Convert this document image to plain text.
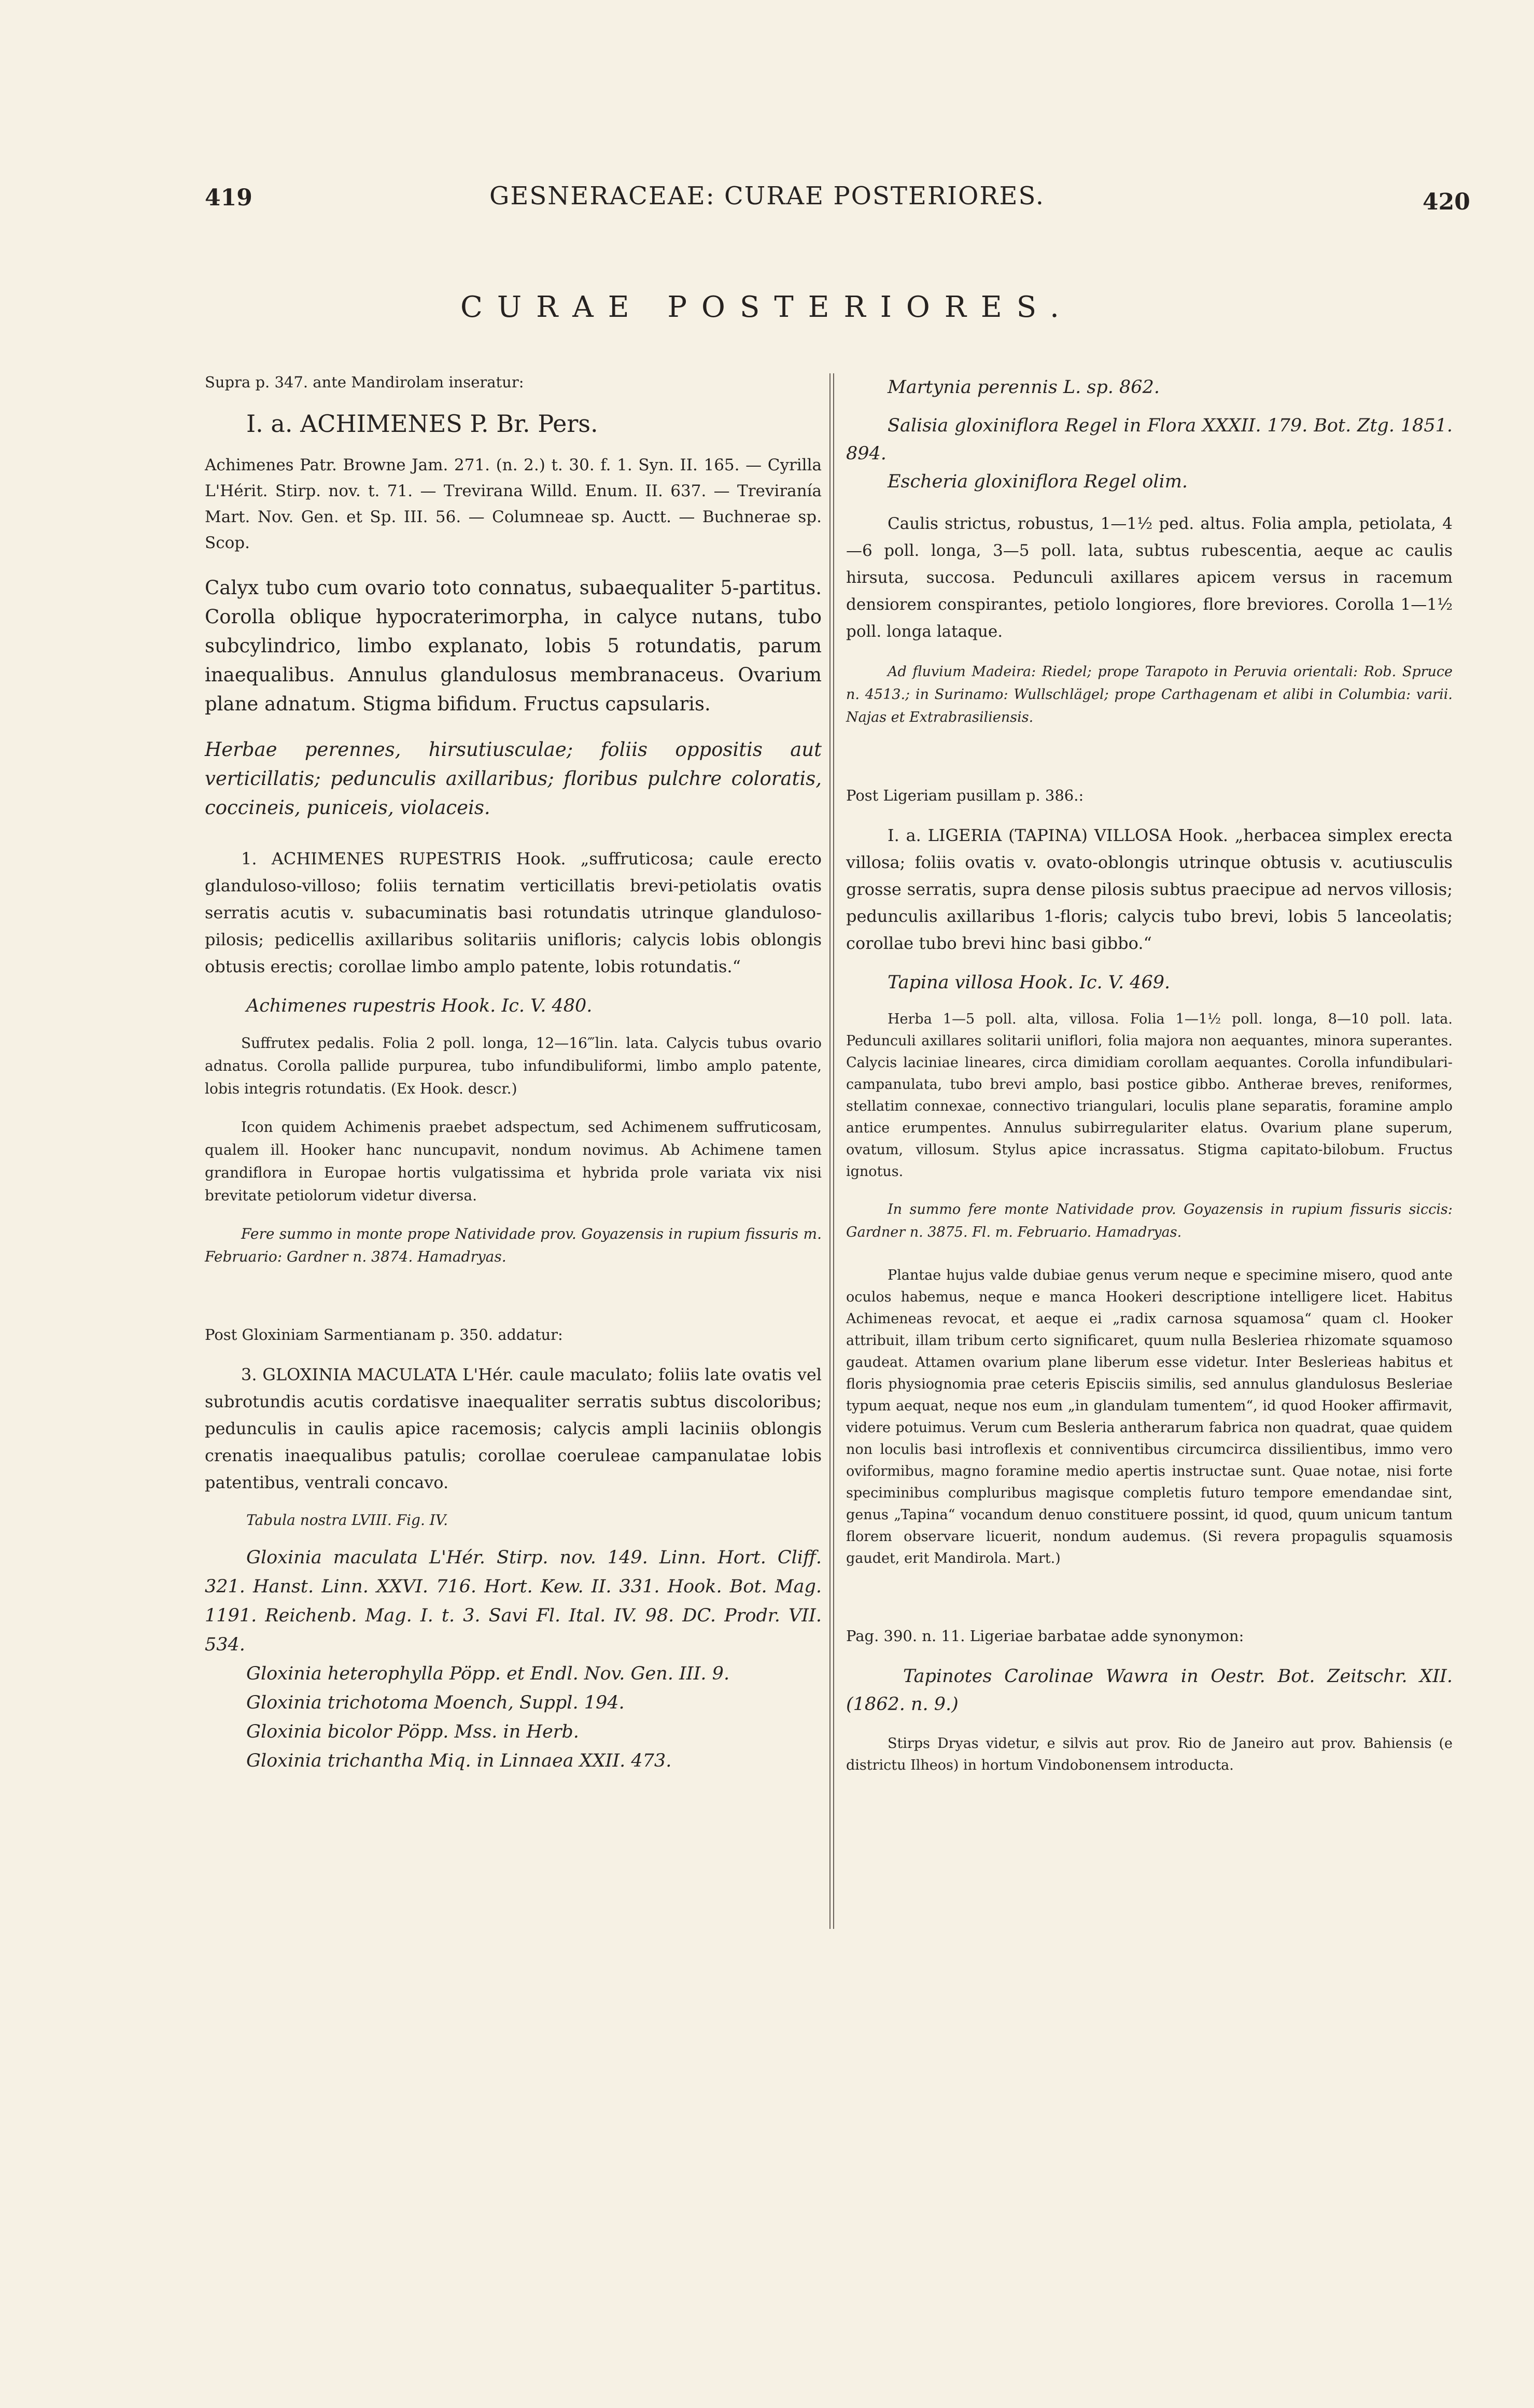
419	GESNERACEAE: CURAE POSTERIORES.	420
CURAE POSTERIORES.

Supra p. 347. ante Mandirolam inseratur:

I. a. ACHIMENES P. Br. Pers.

Achimenes Patr. Browne Jam. 271. (n. 2.) t. 30. f. 1. Syn. II. 165. — Cyrilla L'Hérit. Stirp. nov. t. 71. — Trevirana Willd. Enum. II. 637. — Treviranía Mart. Nov. Gen. et Sp. III. 56. — Columneae sp. Auctt. — Buchnerae sp. Scop.

Calyx tubo cum ovario toto connatus, subaequaliter 5-partitus. Corolla oblique hypocraterimorpha, in calyce nutans, tubo subcylindrico, limbo explanato, lobis 5 rotundatis, parum inaequalibus. Annulus glandulosus membranaceus. Ovarium plane adnatum. Stigma bifidum. Fructus capsularis.

Herbae perennes, hirsutiusculae; foliis oppositis aut verticillatis; pedunculis axillaribus; floribus pulchre coloratis, coccineis, puniceis, violaceis.

1. ACHIMENES RUPESTRIS Hook. „suffruticosa; caule erecto glanduloso-villoso; foliis ternatim verticillatis brevi-petiolatis ovatis serratis acutis v. subacuminatis basi rotundatis utrinque glanduloso-pilosis; pedicellis axillaribus solitariis unifloris; calycis lobis oblongis obtusis erectis; corollae limbo amplo patente, lobis rotundatis.“

Achimenes rupestris Hook. Ic. V. 480.

Suffrutex pedalis. Folia 2 poll. longa, 12—16‴lin. lata. Calycis tubus ovario adnatus. Corolla pallide purpurea, tubo infundibuliformi, limbo amplo patente, lobis integris rotundatis. (Ex Hook. descr.)

Icon quidem Achimenis praebet adspectum, sed Achimenem suffruticosam, qualem ill. Hooker hanc nuncupavit, nondum novimus. Ab Achimene tamen grandiflora in Europae hortis vulgatissima et hybrida prole variata vix nisi brevitate petiolorum videtur diversa.

Fere summo in monte prope Natividade prov. Goyazensis in rupium fissuris m. Februario: Gardner n. 3874. Hamadryas.

Post Gloxiniam Sarmentianam p. 350. addatur:

3. GLOXINIA MACULATA L'Hér. caule maculato; foliis late ovatis vel subrotundis acutis cordatisve inaequaliter serratis subtus discoloribus; pedunculis in caulis apice racemosis; calycis ampli laciniis oblongis crenatis inaequalibus patulis; corollae coeruleae campanulatae lobis patentibus, ventrali concavo.

Tabula nostra LVIII. Fig. IV.

Gloxinia maculata L'Hér. Stirp. nov. 149. Linn. Hort. Cliff. 321. Hanst. Linn. XXVI. 716. Hort. Kew. II. 331. Hook. Bot. Mag. 1191. Reichenb. Mag. I. t. 3. Savi Fl. Ital. IV. 98. DC. Prodr. VII. 534.

Gloxinia heterophylla Pöpp. et Endl. Nov. Gen. III. 9.

Gloxinia trichotoma Moench, Suppl. 194.

Gloxinia bicolor Pöpp. Mss. in Herb.

Gloxinia trichantha Miq. in Linnaea XXII. 473.

Martynia perennis L. sp. 862.

Salisia gloxiniflora Regel in Flora XXXII. 179. Bot. Ztg. 1851. 894.

Escheria gloxiniflora Regel olim.

Caulis strictus, robustus, 1—1½ ped. altus. Folia ampla, petiolata, 4—6 poll. longa, 3—5 poll. lata, subtus rubescentia, aeque ac caulis hirsuta, succosa. Pedunculi axillares apicem versus in racemum densiorem conspirantes, petiolo longiores, flore breviores. Corolla 1—1½ poll. longa lataque.

Ad fluvium Madeira: Riedel; prope Tarapoto in Peruvia orientali: Rob. Spruce n. 4513.; in Surinamo: Wullschlägel; prope Carthagenam et alibi in Columbia: varii. Najas et Extrabrasiliensis.

Post Ligeriam pusillam p. 386.:

I. a. LIGERIA (TAPINA) VILLOSA Hook. „herbacea simplex erecta villosa; foliis ovatis v. ovato-oblongis utrinque obtusis v. acutiusculis grosse serratis, supra dense pilosis subtus praecipue ad nervos villosis; pedunculis axillaribus 1-floris; calycis tubo brevi, lobis 5 lanceolatis; corollae tubo brevi hinc basi gibbo.“

Tapina villosa Hook. Ic. V. 469.

Herba 1—5 poll. alta, villosa. Folia 1—1½ poll. longa, 8—10 poll. lata. Pedunculi axillares solitarii uniflori, folia majora non aequantes, minora superantes. Calycis laciniae lineares, circa dimidiam corollam aequantes. Corolla infundibulari-campanulata, tubo brevi amplo, basi postice gibbo. Antherae breves, reniformes, stellatim connexae, connectivo triangulari, loculis plane separatis, foramine amplo antice erumpentes. Annulus subirregulariter elatus. Ovarium plane superum, ovatum, villosum. Stylus apice incrassatus. Stigma capitato-bilobum. Fructus ignotus.

In summo fere monte Natividade prov. Goyazensis in rupium fissuris siccis: Gardner n. 3875. Fl. m. Februario. Hamadryas.

Plantae hujus valde dubiae genus verum neque e specimine misero, quod ante oculos habemus, neque e manca Hookeri descriptione intelligere licet. Habitus Achimeneas revocat, et aeque ei „radix carnosa squamosa“ quam cl. Hooker attribuit, illam tribum certo significaret, quum nulla Besleriea rhizomate squamoso gaudeat. Attamen ovarium plane liberum esse videtur. Inter Beslerieas habitus et floris physiognomia prae ceteris Episciis similis, sed annulus glandulosus Besleriae typum aequat, neque nos eum „in glandulam tumentem“, id quod Hooker affirmavit, videre potuimus. Verum cum Besleria antherarum fabrica non quadrat, quae quidem non loculis basi introflexis et conniventibus circumcirca dissilientibus, immo vero oviformibus, magno foramine medio apertis instructae sunt. Quae notae, nisi forte speciminibus compluribus magisque completis futuro tempore emendandae sint, genus „Tapina“ vocandum denuo constituere possint, id quod, quum unicum tantum florem observare licuerit, nondum audemus. (Si revera propagulis squamosis gaudet, erit Mandirola. Mart.)

Pag. 390. n. 11. Ligeriae barbatae adde synonymon:

Tapinotes Carolinae Wawra in Oestr. Bot. Zeitschr. XII. (1862. n. 9.)

Stirps Dryas videtur, e silvis aut prov. Rio de Janeiro aut prov. Bahiensis (e districtu Ilheos) in hortum Vindobonensem introducta.
